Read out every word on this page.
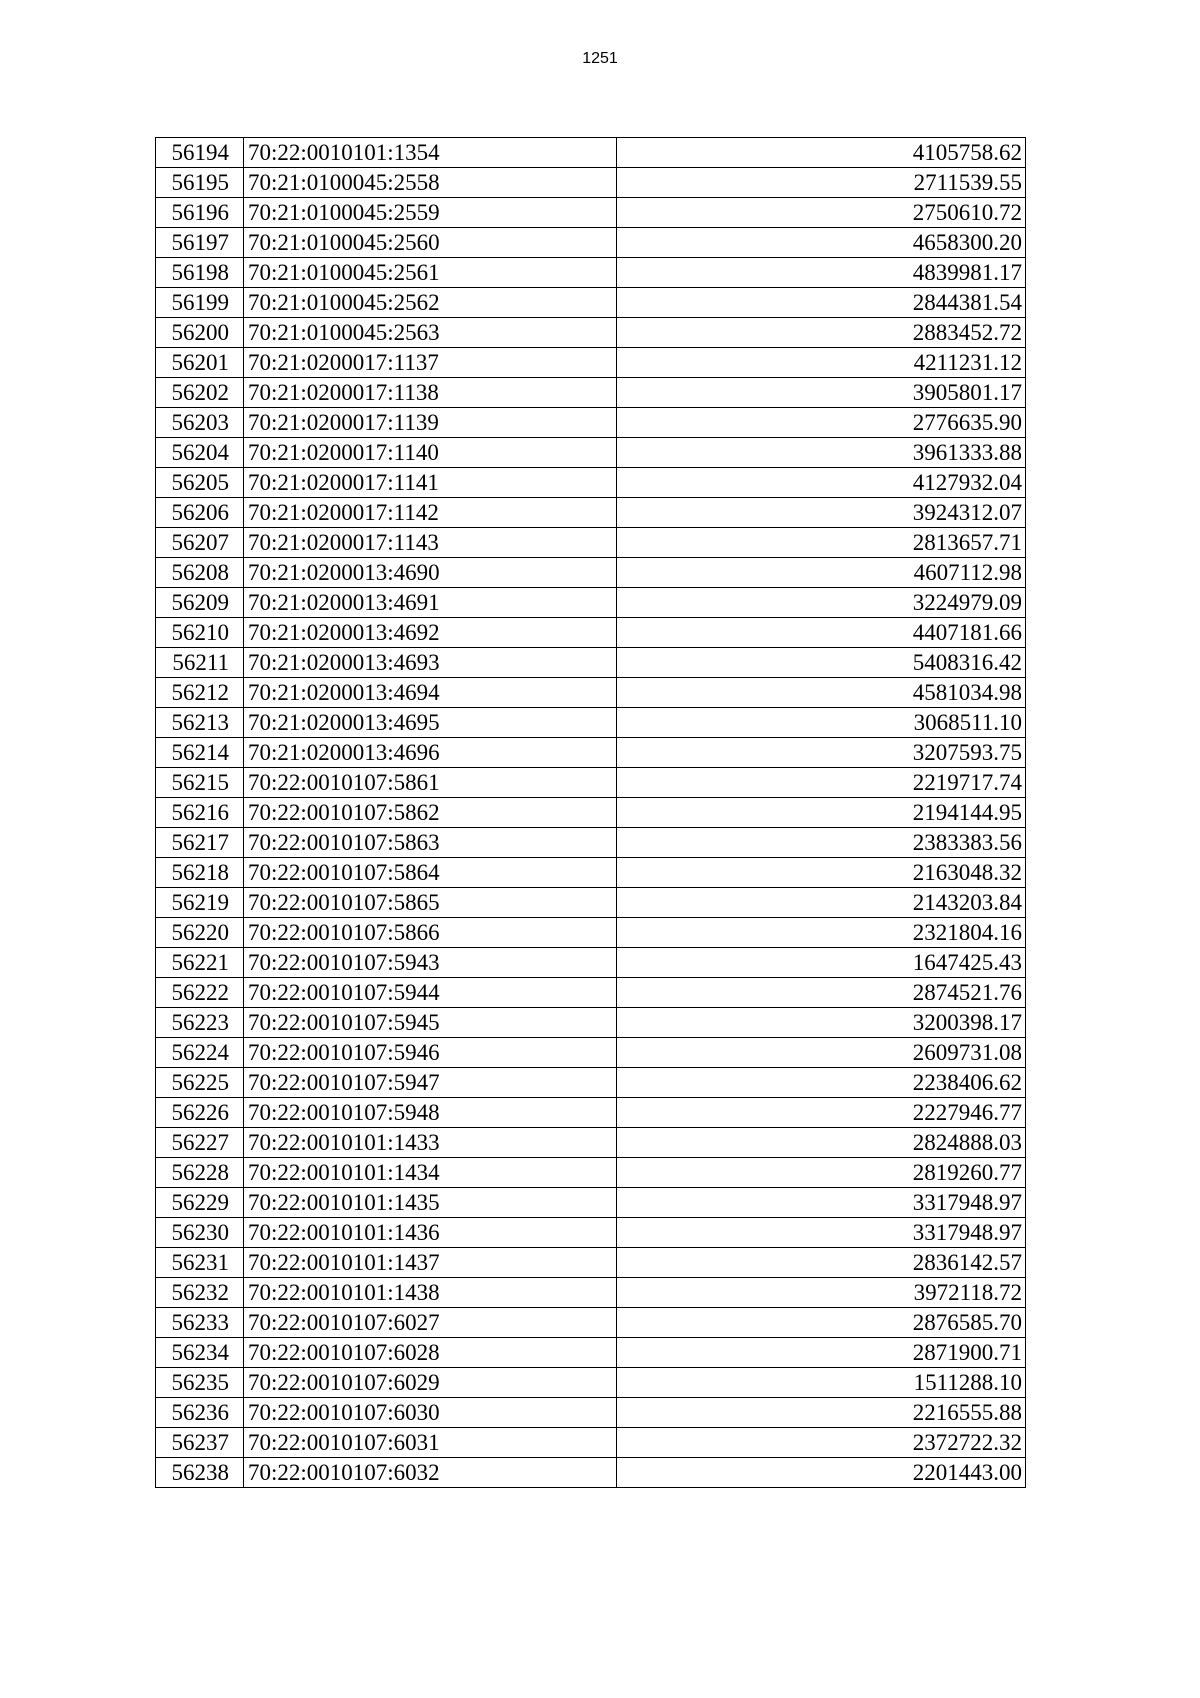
1251
56194	70:22:0010101:1354	4105758.62
56195	70:21:0100045:2558	2711539.55
56196	70:21:0100045:2559	2750610.72
56197	70:21:0100045:2560	4658300.20
56198	70:21:0100045:2561	4839981.17
56199	70:21:0100045:2562	2844381.54
56200	70:21:0100045:2563	2883452.72
56201	70:21:0200017:1137	4211231.12
56202	70:21:0200017:1138	3905801.17
56203	70:21:0200017:1139	2776635.90
56204	70:21:0200017:1140	3961333.88
56205	70:21:0200017:1141	4127932.04
56206	70:21:0200017:1142	3924312.07
56207	70:21:0200017:1143	2813657.71
56208	70:21:0200013:4690	4607112.98
56209	70:21:0200013:4691	3224979.09
56210	70:21:0200013:4692	4407181.66
56211	70:21:0200013:4693	5408316.42
56212	70:21:0200013:4694	4581034.98
56213	70:21:0200013:4695	3068511.10
56214	70:21:0200013:4696	3207593.75
56215	70:22:0010107:5861	2219717.74
56216	70:22:0010107:5862	2194144.95
56217	70:22:0010107:5863	2383383.56
56218	70:22:0010107:5864	2163048.32
56219	70:22:0010107:5865	2143203.84
56220	70:22:0010107:5866	2321804.16
56221	70:22:0010107:5943	1647425.43
56222	70:22:0010107:5944	2874521.76
56223	70:22:0010107:5945	3200398.17
56224	70:22:0010107:5946	2609731.08
56225	70:22:0010107:5947	2238406.62
56226	70:22:0010107:5948	2227946.77
56227	70:22:0010101:1433	2824888.03
56228	70:22:0010101:1434	2819260.77
56229	70:22:0010101:1435	3317948.97
56230	70:22:0010101:1436	3317948.97
56231	70:22:0010101:1437	2836142.57
56232	70:22:0010101:1438	3972118.72
56233	70:22:0010107:6027	2876585.70
56234	70:22:0010107:6028	2871900.71
56235	70:22:0010107:6029	1511288.10
56236	70:22:0010107:6030	2216555.88
56237	70:22:0010107:6031	2372722.32
56238	70:22:0010107:6032	2201443.00
